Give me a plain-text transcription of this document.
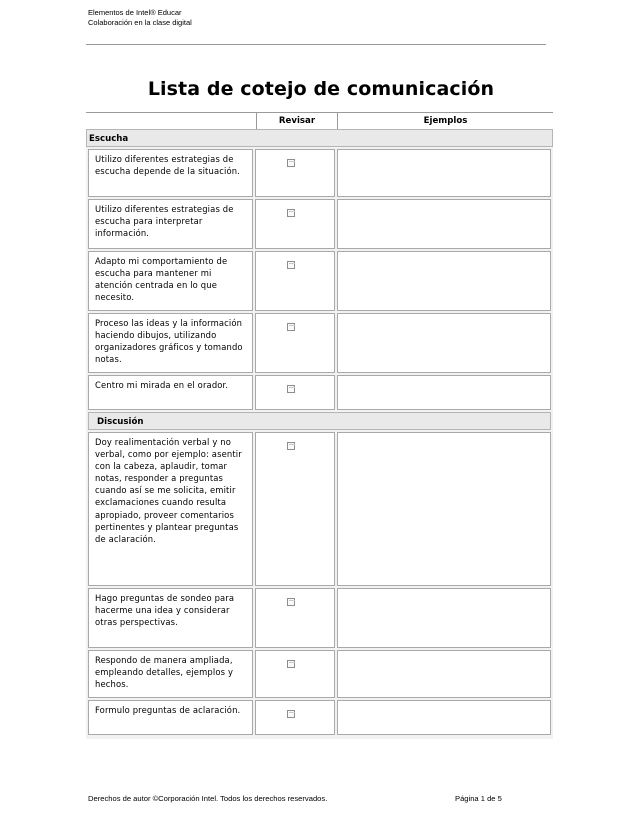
Elementos de Intel® Educar
Colaboración en la clase digital
Lista de cotejo de comunicación
Revisar	Ejemplos
Escucha
Utilizo diferentes estrategias de escucha depende de la situación.
Utilizo diferentes estrategias de escucha para interpretar información.
Adapto mi comportamiento de escucha para mantener mi atención centrada en lo que necesito.
Proceso las ideas y la información haciendo dibujos, utilizando organizadores gráficos y tomando notas.
Centro mi mirada en el orador.
Discusión
Doy realimentación verbal y no verbal, como por ejemplo: asentir con la cabeza, aplaudir, tomar notas, responder a preguntas cuando así se me solicita, emitir exclamaciones cuando resulta apropiado, proveer comentarios pertinentes y plantear preguntas de aclaración.
Hago preguntas de sondeo para hacerme una idea y considerar otras perspectivas.
Respondo de manera ampliada, empleando detalles, ejemplos y hechos.
Formulo preguntas de aclaración.
Derechos de autor ©Corporación Intel. Todos los derechos reservados.	Página 1 de 5
